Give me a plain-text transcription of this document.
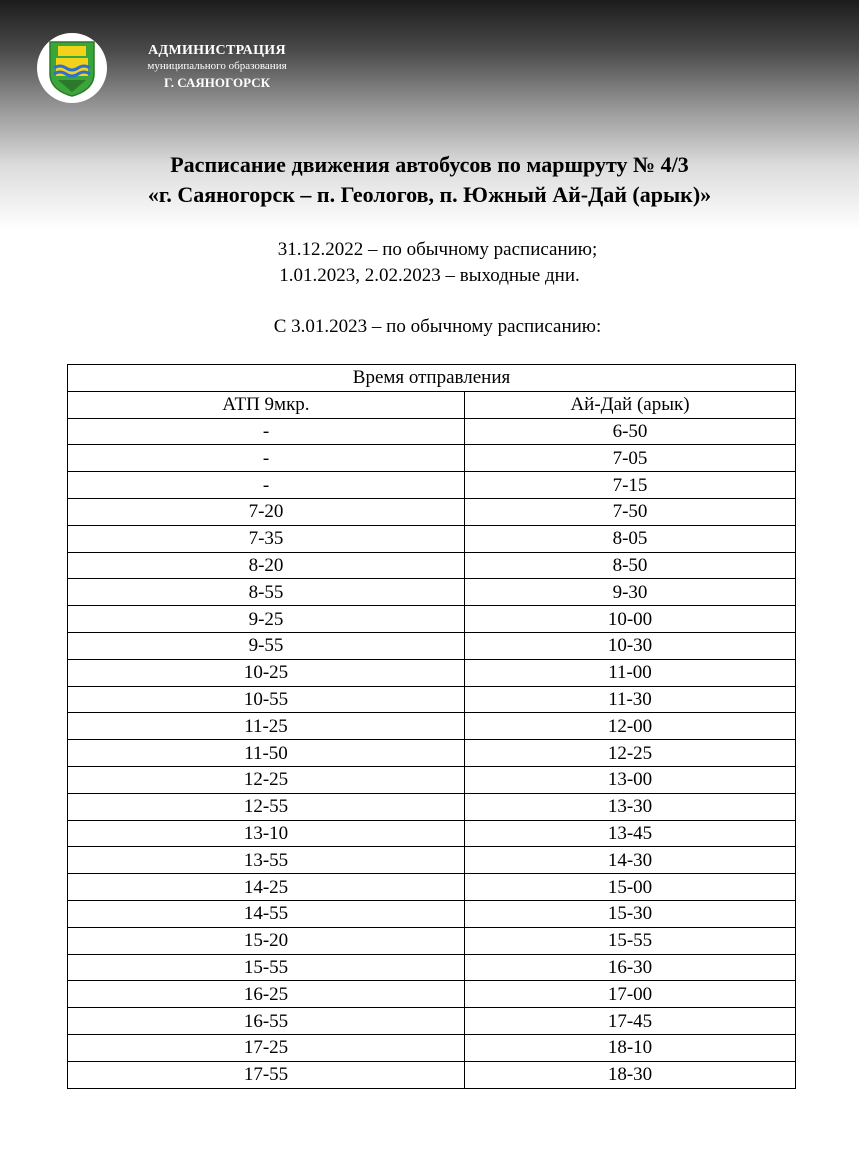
АДМИНИСТРАЦИЯ
муниципального образования
Г. САЯНОГОРСК
Расписание движения автобусов по маршруту № 4/3
«г. Саяногорск – п. Геологов, п. Южный Ай-Дай (арык)»
31.12.2022 – по обычному расписанию;
1.01.2023, 2.02.2023 – выходные дни.
С 3.01.2023 – по обычному расписанию:
Время отправления	
АТП 9мкр.	Ай-Дай (арык)
-	6-50
-	7-05
-	7-15
7-20	7-50
7-35	8-05
8-20	8-50
8-55	9-30
9-25	10-00
9-55	10-30
10-25	11-00
10-55	11-30
11-25	12-00
11-50	12-25
12-25	13-00
12-55	13-30
13-10	13-45
13-55	14-30
14-25	15-00
14-55	15-30
15-20	15-55
15-55	16-30
16-25	17-00
16-55	17-45
17-25	18-10
17-55	18-30
